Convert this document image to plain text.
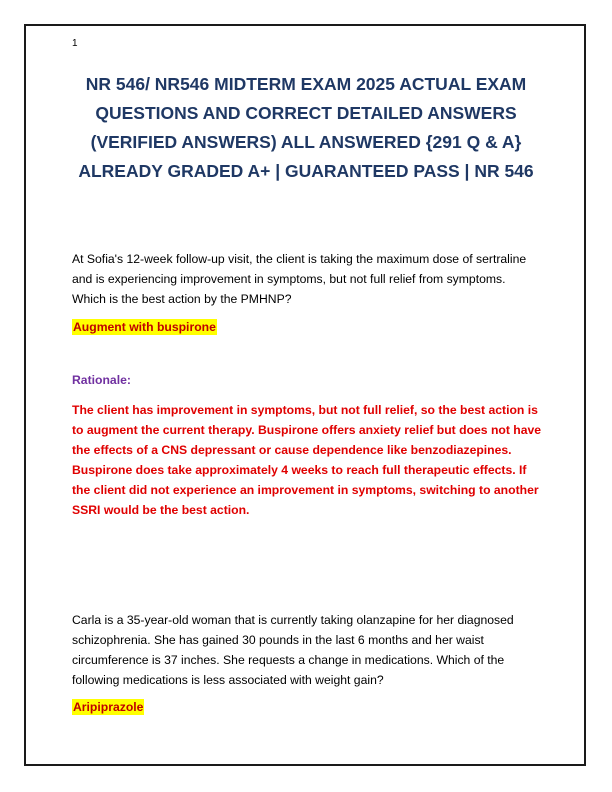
1
NR 546/ NR546 MIDTERM EXAM 2025 ACTUAL EXAM QUESTIONS AND CORRECT DETAILED ANSWERS (VERIFIED ANSWERS) ALL ANSWERED {291 Q & A} ALREADY GRADED A+ | GUARANTEED PASS | NR 546
At Sofia's 12-week follow-up visit, the client is taking the maximum dose of sertraline and is experiencing improvement in symptoms, but not full relief from symptoms. Which is the best action by the PMHNP?
Augment with buspirone
Rationale:
The client has improvement in symptoms, but not full relief, so the best action is to augment the current therapy. Buspirone offers anxiety relief but does not have the effects of a CNS depressant or cause dependence like benzodiazepines. Buspirone does take approximately 4 weeks to reach full therapeutic effects. If the client did not experience an improvement in symptoms, switching to another SSRI would be the best action.
Carla is a 35-year-old woman that is currently taking olanzapine for her diagnosed schizophrenia. She has gained 30 pounds in the last 6 months and her waist circumference is 37 inches. She requests a change in medications. Which of the following medications is less associated with weight gain?
Aripiprazole
